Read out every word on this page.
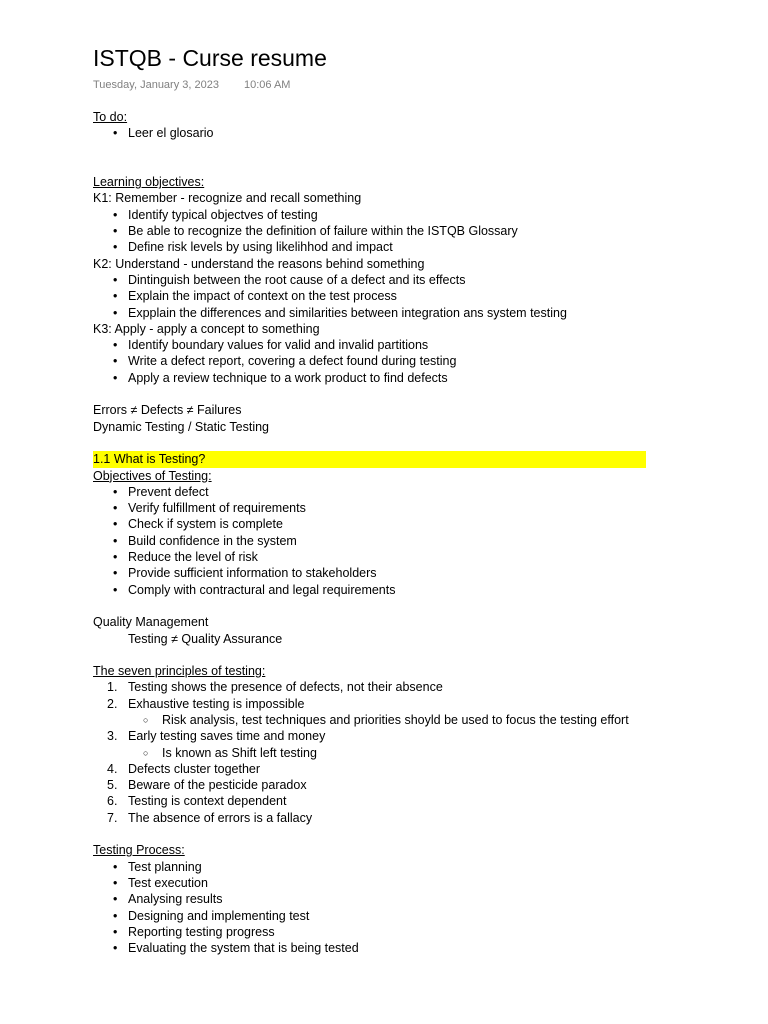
ISTQB - Curse resume
Tuesday, January 3, 2023 10:06 AM
To do:
• Leer el glosario
Learning objectives:
K1: Remember - recognize and recall something
• Identify typical objectves of testing
• Be able to recognize the definition of failure within the ISTQB Glossary
• Define risk levels by using likelihhod and impact
K2: Understand - understand the reasons behind something
• Dintinguish between the root cause of a defect and its effects
• Explain the impact of context on the test process
• Expplain the differences and similarities between integration ans system testing
K3: Apply - apply a concept to something
• Identify boundary values for valid and invalid partitions
• Write a defect report, covering a defect found during testing
• Apply a review technique to a work product to find defects
Errors ≠ Defects ≠ Failures
Dynamic Testing / Static Testing
1.1 What is Testing?
Objectives of Testing:
• Prevent defect
• Verify fulfillment of requirements
• Check if system is complete
• Build confidence in the system
• Reduce the level of risk
• Provide sufficient information to stakeholders
• Comply with contractural and legal requirements
Quality Management
Testing ≠ Quality Assurance
The seven principles of testing:
1. Testing shows the presence of defects, not their absence
2. Exhaustive testing is impossible
○ Risk analysis, test techniques and priorities shoyld be used to focus the testing effort
3. Early testing saves time and money
○ Is known as Shift left testing
4. Defects cluster together
5. Beware of the pesticide paradox
6. Testing is context dependent
7. The absence of errors is a fallacy
Testing Process:
• Test planning
• Test execution
• Analysing results
• Designing and implementing test
• Reporting testing progress
• Evaluating the system that is being tested
